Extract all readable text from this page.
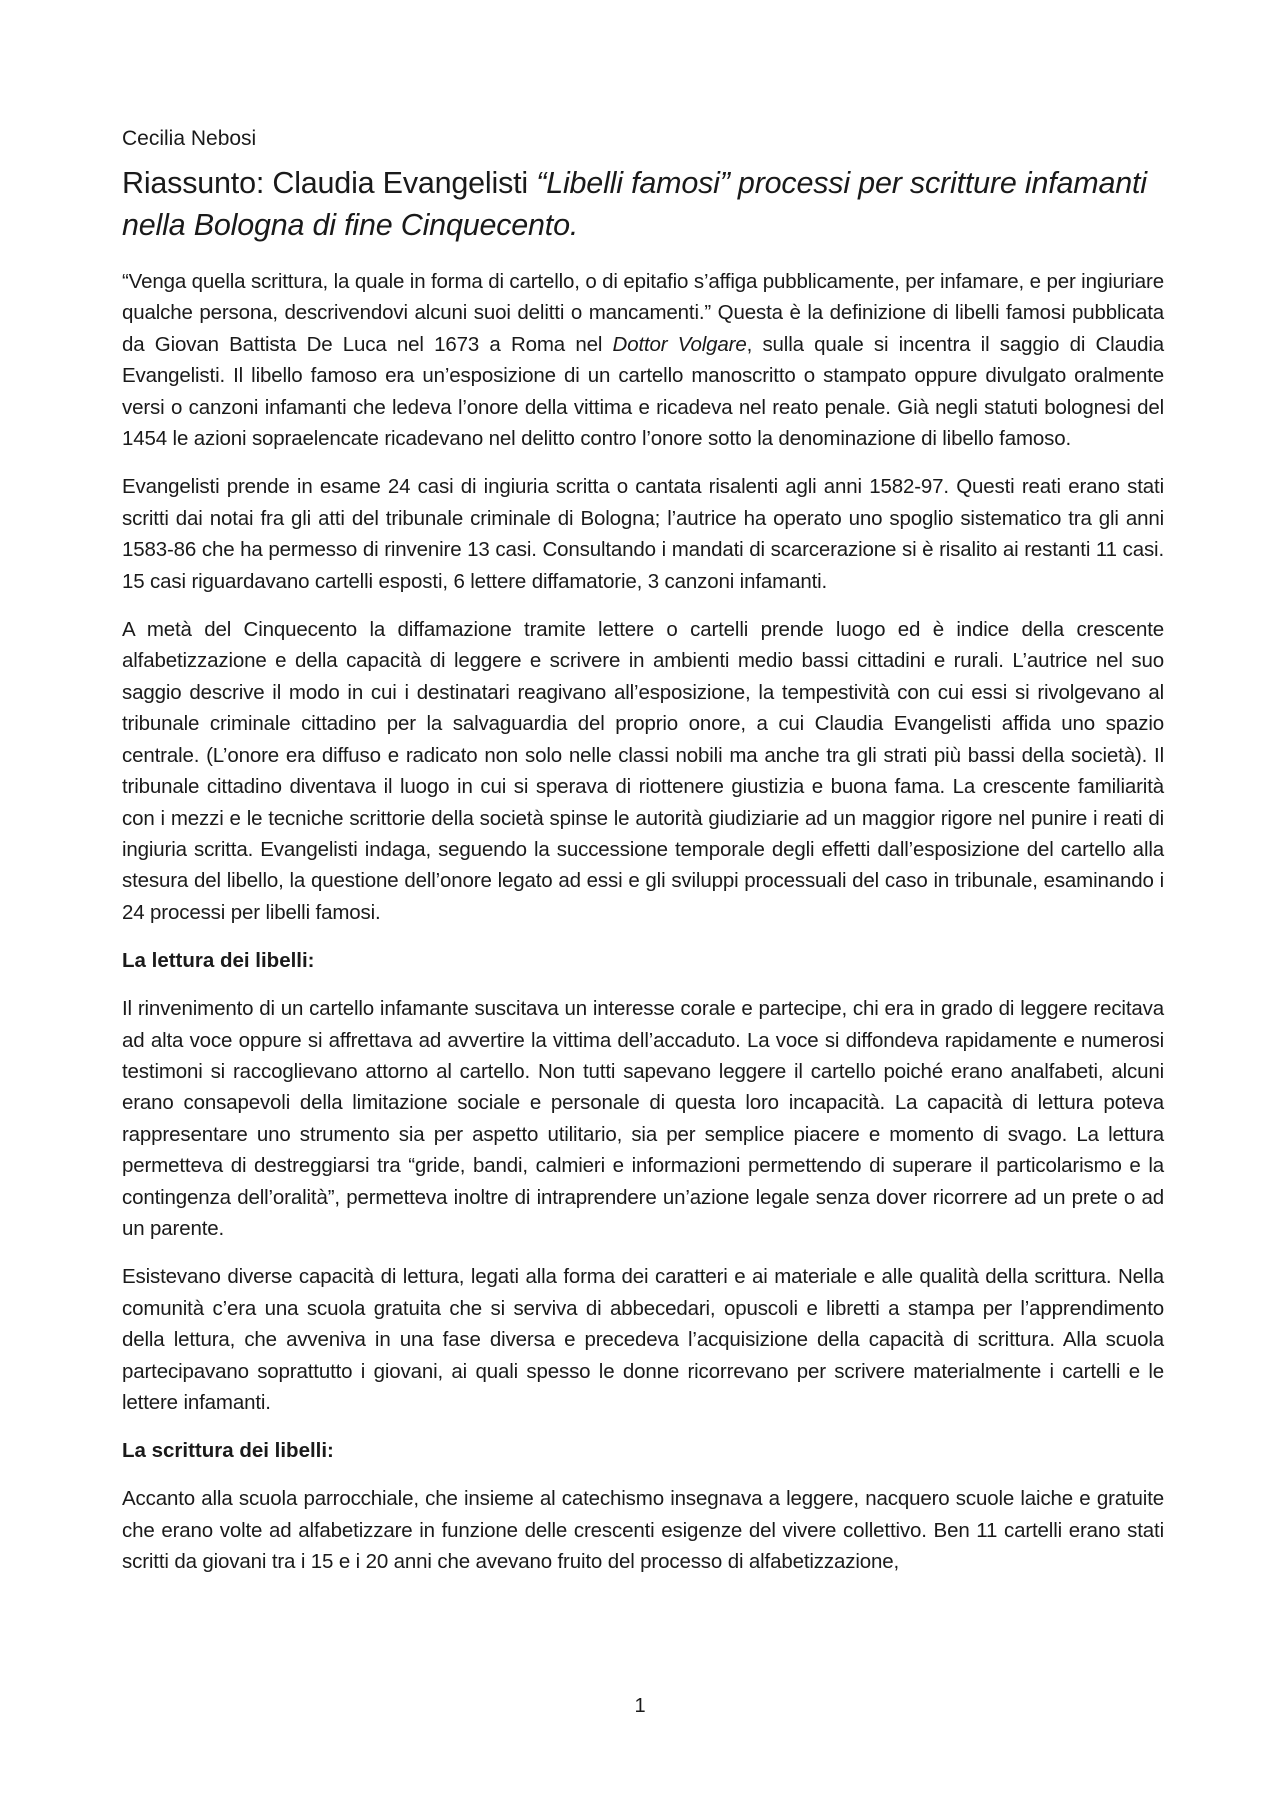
Cecilia Nebosi
Riassunto: Claudia Evangelisti “Libelli famosi” processi per scritture infamanti nella Bologna di fine Cinquecento.

“Venga quella scrittura, la quale in forma di cartello, o di epitafio s’affiga pubblicamente, per infamare, e per ingiuriare qualche persona, descrivendovi alcuni suoi delitti o mancamenti.” Questa è la definizione di libelli famosi pubblicata da Giovan Battista De Luca nel 1673 a Roma nel Dottor Volgare, sulla quale si incentra il saggio di Claudia Evangelisti. Il libello famoso era un’esposizione di un cartello manoscritto o stampato oppure divulgato oralmente versi o canzoni infamanti che ledeva l’onore della vittima e ricadeva nel reato penale. Già negli statuti bolognesi del 1454 le azioni sopraelencate ricadevano nel delitto contro l’onore sotto la denominazione di libello famoso.

Evangelisti prende in esame 24 casi di ingiuria scritta o cantata risalenti agli anni 1582-97. Questi reati erano stati scritti dai notai fra gli atti del tribunale criminale di Bologna; l’autrice ha operato uno spoglio sistematico tra gli anni 1583-86 che ha permesso di rinvenire 13 casi. Consultando i mandati di scarcerazione si è risalito ai restanti 11 casi. 15 casi riguardavano cartelli esposti, 6 lettere diffamatorie, 3 canzoni infamanti.

A metà del Cinquecento la diffamazione tramite lettere o cartelli prende luogo ed è indice della crescente alfabetizzazione e della capacità di leggere e scrivere in ambienti medio bassi cittadini e rurali. L’autrice nel suo saggio descrive il modo in cui i destinatari reagivano all’esposizione, la tempestività con cui essi si rivolgevano al tribunale criminale cittadino per la salvaguardia del proprio onore, a cui Claudia Evangelisti affida uno spazio centrale. (L’onore era diffuso e radicato non solo nelle classi nobili ma anche tra gli strati più bassi della società). Il tribunale cittadino diventava il luogo in cui si sperava di riottenere giustizia e buona fama. La crescente familiarità con i mezzi e le tecniche scrittorie della società spinse le autorità giudiziarie ad un maggior rigore nel punire i reati di ingiuria scritta. Evangelisti indaga, seguendo la successione temporale degli effetti dall’esposizione del cartello alla stesura del libello, la questione dell’onore legato ad essi e gli sviluppi processuali del caso in tribunale, esaminando i 24 processi per libelli famosi.

La lettura dei libelli:

Il rinvenimento di un cartello infamante suscitava un interesse corale e partecipe, chi era in grado di leggere recitava ad alta voce oppure si affrettava ad avvertire la vittima dell’accaduto. La voce si diffondeva rapidamente e numerosi testimoni si raccoglievano attorno al cartello. Non tutti sapevano leggere il cartello poiché erano analfabeti, alcuni erano consapevoli della limitazione sociale e personale di questa loro incapacità. La capacità di lettura poteva rappresentare uno strumento sia per aspetto utilitario, sia per semplice piacere e momento di svago. La lettura permetteva di destreggiarsi tra “gride, bandi, calmieri e informazioni permettendo di superare il particolarismo e la contingenza dell’oralità”, permetteva inoltre di intraprendere un’azione legale senza dover ricorrere ad un prete o ad un parente.

Esistevano diverse capacità di lettura, legati alla forma dei caratteri e ai materiale e alle qualità della scrittura. Nella comunità c’era una scuola gratuita che si serviva di abbecedari, opuscoli e libretti a stampa per l’apprendimento della lettura, che avveniva in una fase diversa e precedeva l’acquisizione della capacità di scrittura. Alla scuola partecipavano soprattutto i giovani, ai quali spesso le donne ricorrevano per scrivere materialmente i cartelli e le lettere infamanti.

La scrittura dei libelli:

Accanto alla scuola parrocchiale, che insieme al catechismo insegnava a leggere, nacquero scuole laiche e gratuite che erano volte ad alfabetizzare in funzione delle crescenti esigenze del vivere collettivo. Ben 11 cartelli erano stati scritti da giovani tra i 15 e i 20 anni che avevano fruito del processo di alfabetizzazione,

1
